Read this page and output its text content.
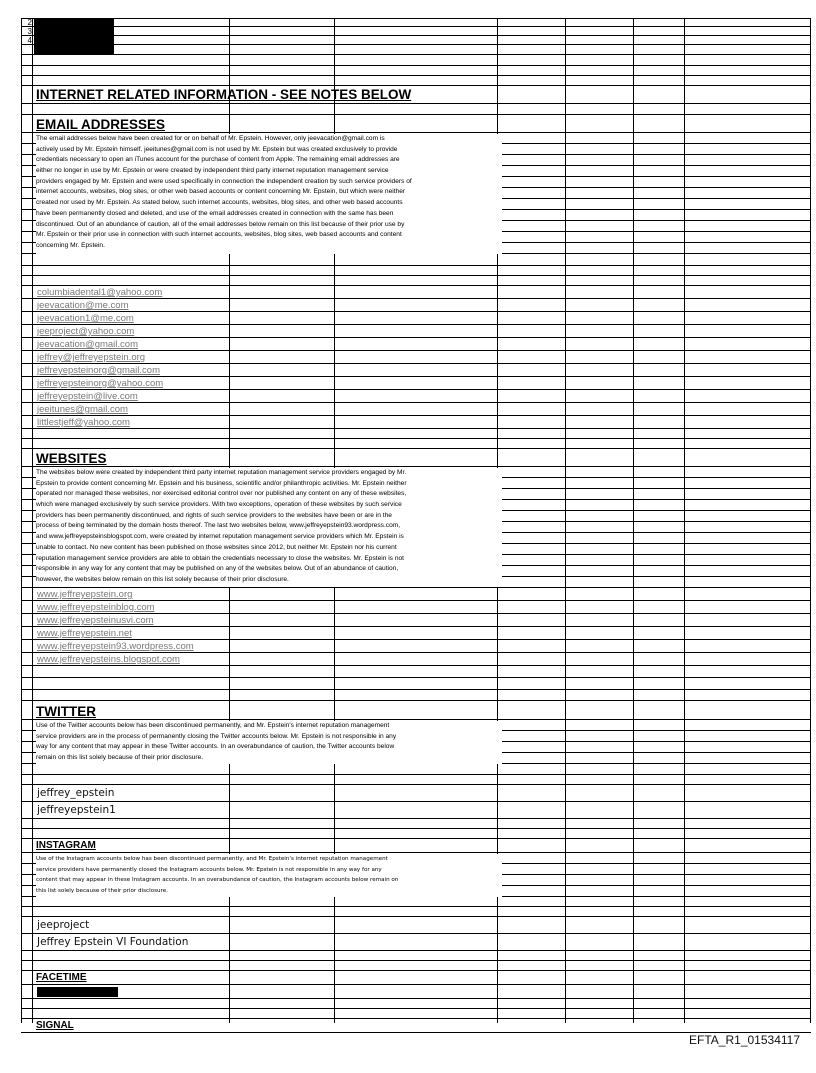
2
3
4
INTERNET RELATED INFORMATION - SEE NOTES BELOW
EMAIL ADDRESSES
The email addresses below have been created for or on behalf of Mr. Epstein. However, only jeevacation@gmail.com is
actively used by Mr. Epstein himself. jeeitunes@gmail.com is not used by Mr. Epstein but was created exclusively to provide
credentials necessary to open an iTunes account for the purchase of content from Apple. The remaining email addresses are
either no longer in use by Mr. Epstein or were created by independent third party internet reputation management service
providers engaged by Mr. Epstein and were used specifically in connection the independent creation by such service providers of
internet accounts, websites, blog sites, or other web based accounts or content concerning Mr. Epstein, but which were neither
created nor used by Mr. Epstein. As stated below, such internet accounts, websites, blog sites, and other web based accounts
have been permanently closed and deleted, and use of the email addresses created in connection with the same has been
discontinued. Out of an abundance of caution, all of the email addresses below remain on this list because of their prior use by
Mr. Epstein or their prior use in connection with such internet accounts, websites, blog sites, web based accounts and content
concerning Mr. Epstein.
columbiadental1@yahoo.com
jeevacation@me.com
jeevacation1@me.com
jeeproject@yahoo.com
jeevacation@gmail.com
jeffrey@jeffreyepstein.org
jeffreyepsteinorg@gmail.com
jeffreyepsteinorg@yahoo.com
jeffreyepstein@live.com
jeeitunes@gmail.com
littlestjeff@yahoo.com
WEBSITES
The websites below were created by independent third party internet reputation management service providers engaged by Mr.
Epstein to provide content concerning Mr. Epstein and his business, scientific and/or philanthropic activities. Mr. Epstein neither
operated nor managed these websites, nor exercised editorial control over nor published any content on any of these websites,
which were managed exclusively by such service providers. With two exceptions, operation of these websites by such service
providers has been permanently discontinued, and rights of such service providers to the websites have been or are in the
process of being terminated by the domain hosts thereof. The last two websites below, www.jeffreyepstein93.wordpress.com,
and www.jeffreyepsteinsblogspot.com, were created by internet reputation management service providers which Mr. Epstein is
unable to contact. No new content has been published on those websites since 2012, but neither Mr. Epstein nor his current
reputation management service providers are able to obtain the credentials necessary to close the websites. Mr. Epstein is not
responsible in any way for any content that may be published on any of the websites below. Out of an abundance of caution,
however, the websites below remain on this list solely because of their prior disclosure.
www.jeffreyepstein.org
www.jeffreyepsteinblog.com
www.jeffreyepsteinusvi.com
www.jeffreyepstein.net
www.jeffreyepstein93.wordpress.com
www.jeffreyepsteins.blogspot.com
TWITTER
Use of the Twitter accounts below has been discontinued permanently, and Mr. Epstein's internet reputation management
service providers are in the process of permanently closing the Twitter accounts below. Mr. Epstein is not responsible in any
way for any content that may appear in these Twitter accounts. In an overabundance of caution, the Twitter accounts below
remain on this list solely because of their prior disclosure.
jeffrey_epstein
jeffreyepstein1
INSTAGRAM
Use of the Instagram accounts below has been discontinued permanently, and Mr. Epstein's internet reputation management
service providers have permanently closed the Instagram accounts below. Mr. Epstein is not responsible in any way for any
content that may appear in these Instagram accounts. In an overabundance of caution, the Instagram accounts below remain on
this list solely because of their prior disclosure.
jeeproject
Jeffrey Epstein VI Foundation
FACETIME
SIGNAL
EFTA_R1_01534117
